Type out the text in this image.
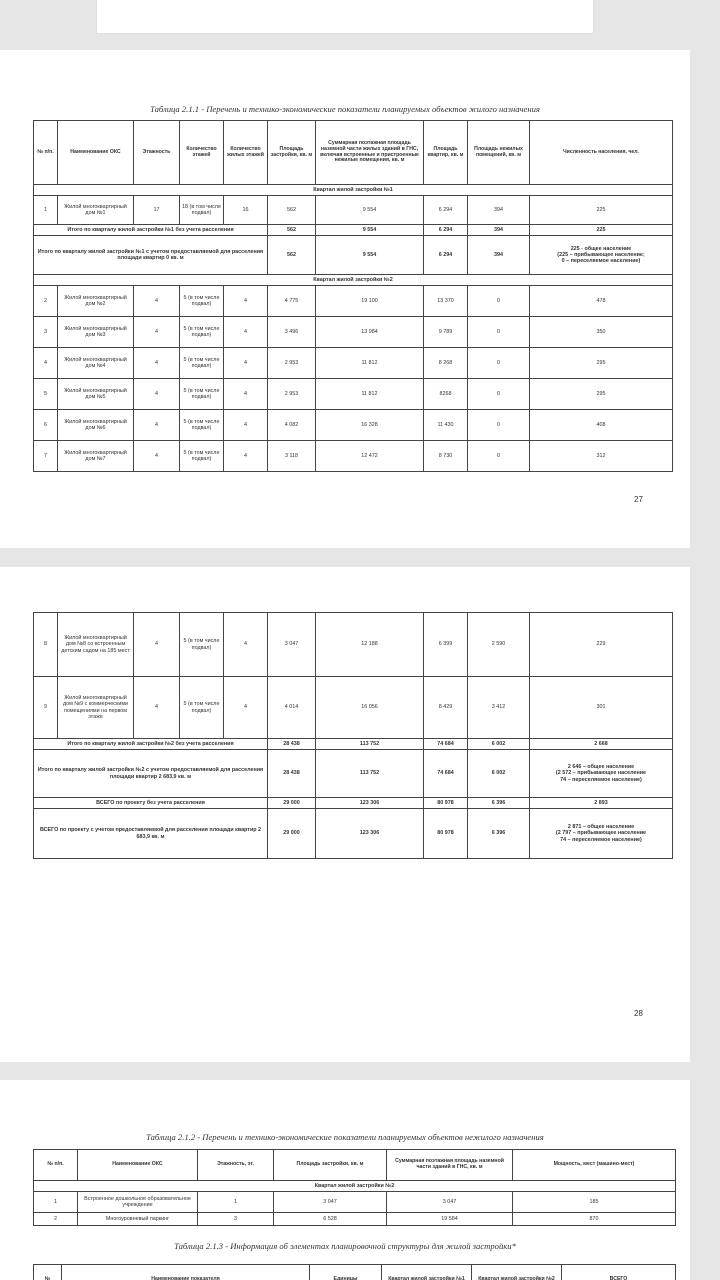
Таблица 2.1.1 - Перечень и технико-экономические показатели планируемых объектов жилого назначения
№ п/п.	Наименование ОКС	Этажность	Количество этажей	Количество жилых этажей	Площадь застройки, кв. м	Суммарная поэтажная площадь наземной части жилых зданий в ГНС, включая встроенные и пристроенные нежилые помещения, кв. м	Площадь квартир, кв. м	Площадь нежилых помещений, кв. м	Численность населения, чел.
Квартал жилой застройки №1									
1	Жилой многоквартирный дом №1	17	18 (в том числе подвал)	16	562	9 554	6 294	394	225
Итого по кварталу жилой застройки №1 без учета расселения					562	9 554	6 294	394	225
Итого по кварталу жилой застройки №1 с учетом предоставляемой для расселения площади квартир 0 кв. м					562	9 554	6 294	394	225 - общее население
(225 – прибывающее население;
0 – переселяемое население)

Квартал жилой застройки №2									
2	Жилой многоквартирный дом №2	4	5 (в том числе подвал)	4	4 775	19 100	13 370	0	478
3	Жилой многоквартирный дом №3	4	5 (в том числе подвал)	4	3 496	13 984	9 789	0	350
4	Жилой многоквартирный дом №4	4	5 (в том числе подвал)	4	2 953	11 812	8 268	0	295
5	Жилой многоквартирный дом №5	4	5 (в том числе подвал)	4	2 953	11 812	8268	0	295
6	Жилой многоквартирный дом №6	4	5 (в том числе подвал)	4	4 082	16 328	11 430	0	408
7	Жилой многоквартирный дом №7	4	5 (в том числе подвал)	4	3 118	12 472	8 730	0	312
27
8	Жилой многоквартирный дом №8 со встроенным детским садом на 185 мест	4	5 (в том числе подвал)	4	3 047	12 188	6 399	2 590	229
9	Жилой многоквартирный дом №9 с коммерческими помещениями на первом этаже	4	5 (в том числе подвал)	4	4 014	16 056	8 429	3 412	301
Итого по кварталу жилой застройки №2 без учета расселения					28 438	113 752	74 684	6 002	2 668
Итого по кварталу жилой застройки №2 с учетом предоставляемой для расселения площади квартир 2 683,9 кв. м					28 438	113 752	74 684	6 002	2 646 – общее население
(2 572 – прибывающее население
74 – переселяемое население)

ВСЕГО по проекту без учета расселения					29 000	123 306	80 978	6 396	2 893
ВСЕГО по проекту с учетом предоставляемой для расселения площади квартир 2 683,9 кв. м					29 000	123 306	80 978	6 396	2 871 – общее население
(2 797 – прибывающее население
74 – переселяемое население)
28
Таблица 2.1.2 - Перечень и технико-экономические показатели планируемых объектов нежилого назначения
№ п/п.	Наименование ОКС	Этажность, эт.	Площадь застройки, кв. м	Суммарная поэтажная площадь наземной части зданий в ГНС, кв. м	Мощность, мест (машино-мест)
Квартал жилой застройки №2					
1	Встроенное дошкольное образовательное учреждение	1	3 047	3 047	185
2	Многоуровневый паркинг	3	6 528	19 584	870
Таблица 2.1.3 - Информация об элементах планировочной структуры для жилой застройки*
№	Наименование показателя	Единицы	Квартал жилой застройки №1	Квартал жилой застройки №2	ВСЕГО
